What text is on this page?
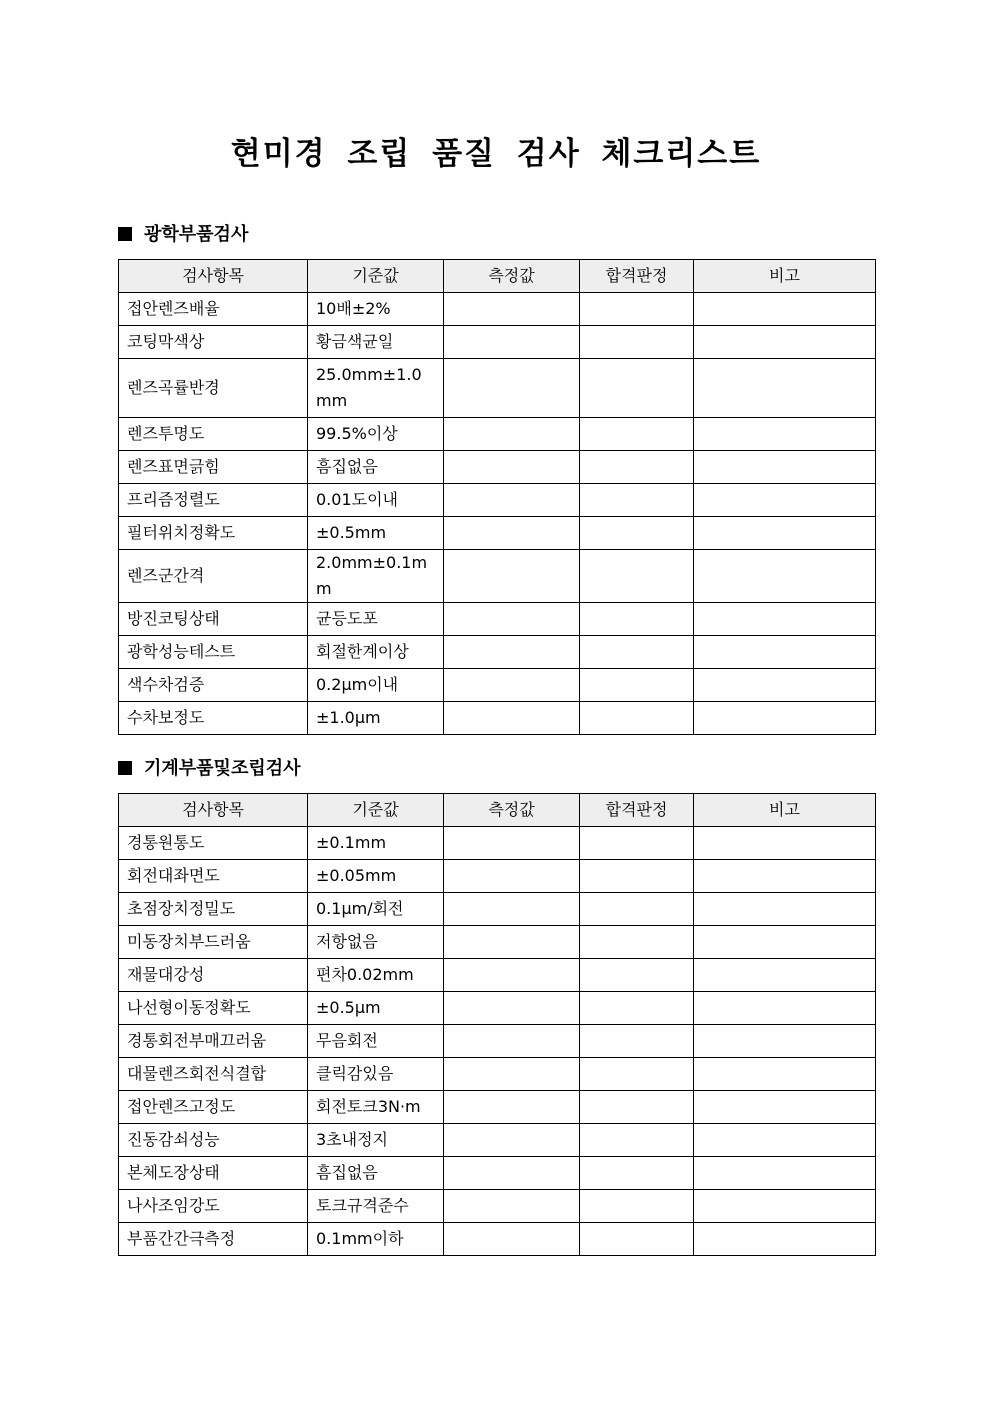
현미경 조립 품질 검사 체크리스트
광학부품검사
검사항목	기준값	측정값	합격판정	비고
접안렌즈배율	10배±2%			
코팅막색상	황금색균일			
렌즈곡률반경	25.0mm±1.0mm			
렌즈투명도	99.5%이상			
렌즈표면긁힘	흠집없음			
프리즘정렬도	0.01도이내			
필터위치정확도	±0.5mm			
렌즈군간격	2.0mm±0.1mm			
방진코팅상태	균등도포			
광학성능테스트	회절한계이상			
색수차검증	0.2μm이내			
수차보정도	±1.0μm			
기계부품및조립검사
검사항목	기준값	측정값	합격판정	비고
경통원통도	±0.1mm			
회전대좌면도	±0.05mm			
초점장치정밀도	0.1μm/회전			
미동장치부드러움	저항없음			
재물대강성	편차0.02mm			
나선형이동정확도	±0.5μm			
경통회전부매끄러움	무음회전			
대물렌즈회전식결합	클릭감있음			
접안렌즈고정도	회전토크3N·m			
진동감쇠성능	3초내정지			
본체도장상태	흠집없음			
나사조임강도	토크규격준수			
부품간간극측정	0.1mm이하			
